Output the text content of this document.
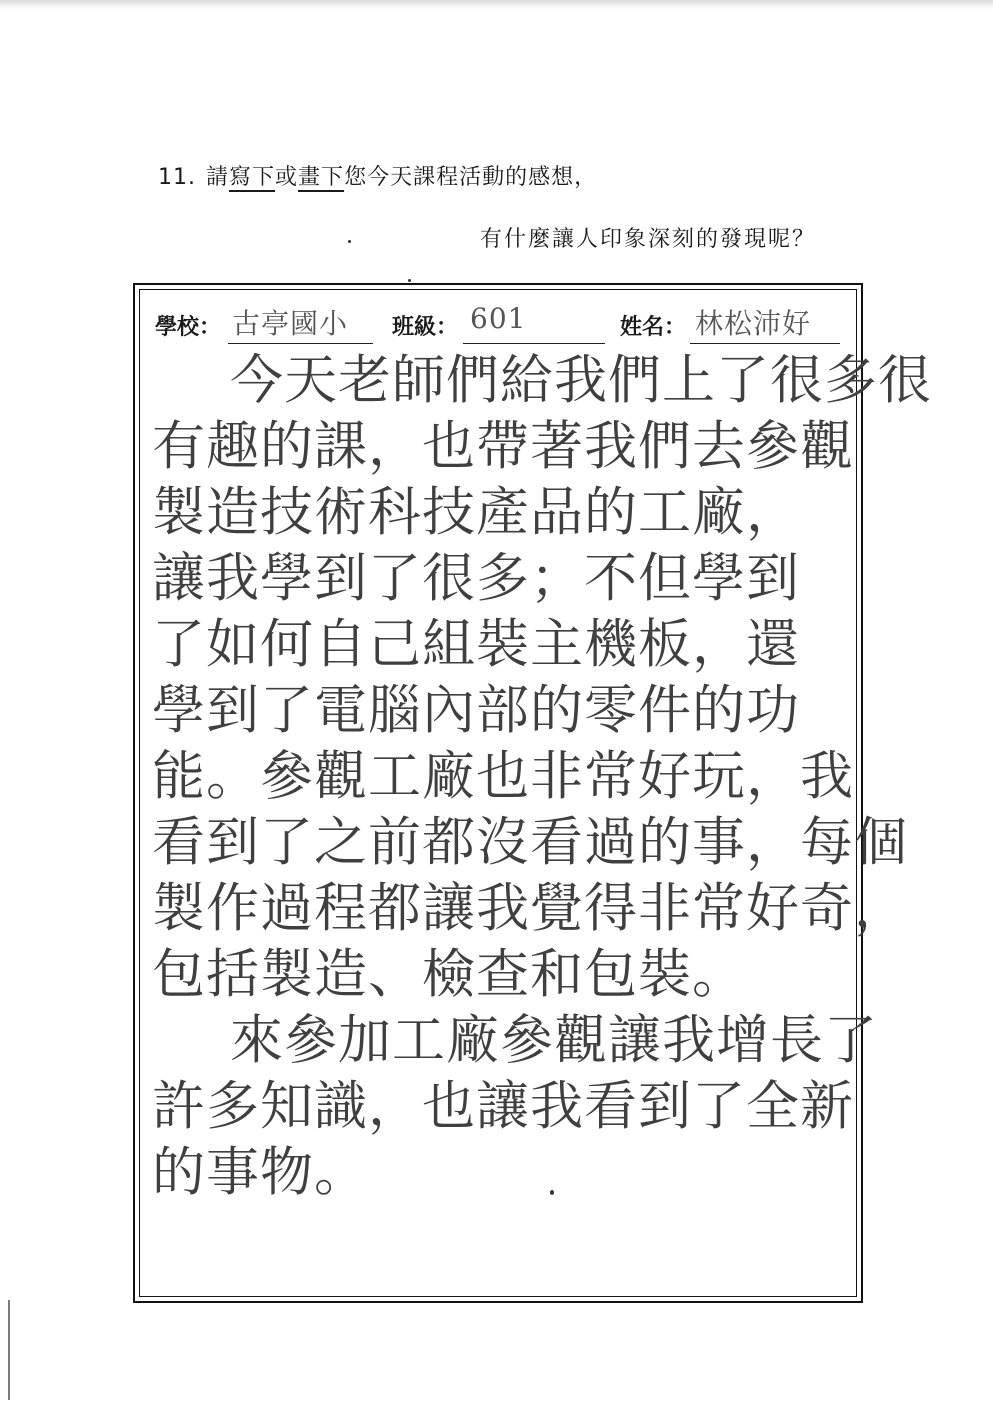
11. 請寫下或畫下您今天課程活動的感想，
有什麼讓人印象深刻的發現呢？
學校： 古亭國小 班級： 601	姓名： 林松沛好
今天老師們給我們上了很多很
有趣的課，也帶著我們去參觀
製造技術科技產品的工廠，
讓我學到了很多；不但學到
了如何自己組裝主機板，還
學到了電腦內部的零件的功
能。參觀工廠也非常好玩，我
看到了之前都沒看過的事，每個
製作過程都讓我覺得非常好奇，
包括製造、檢查和包裝。
來參加工廠參觀讓我增長了
許多知識，也讓我看到了全新
的事物。
